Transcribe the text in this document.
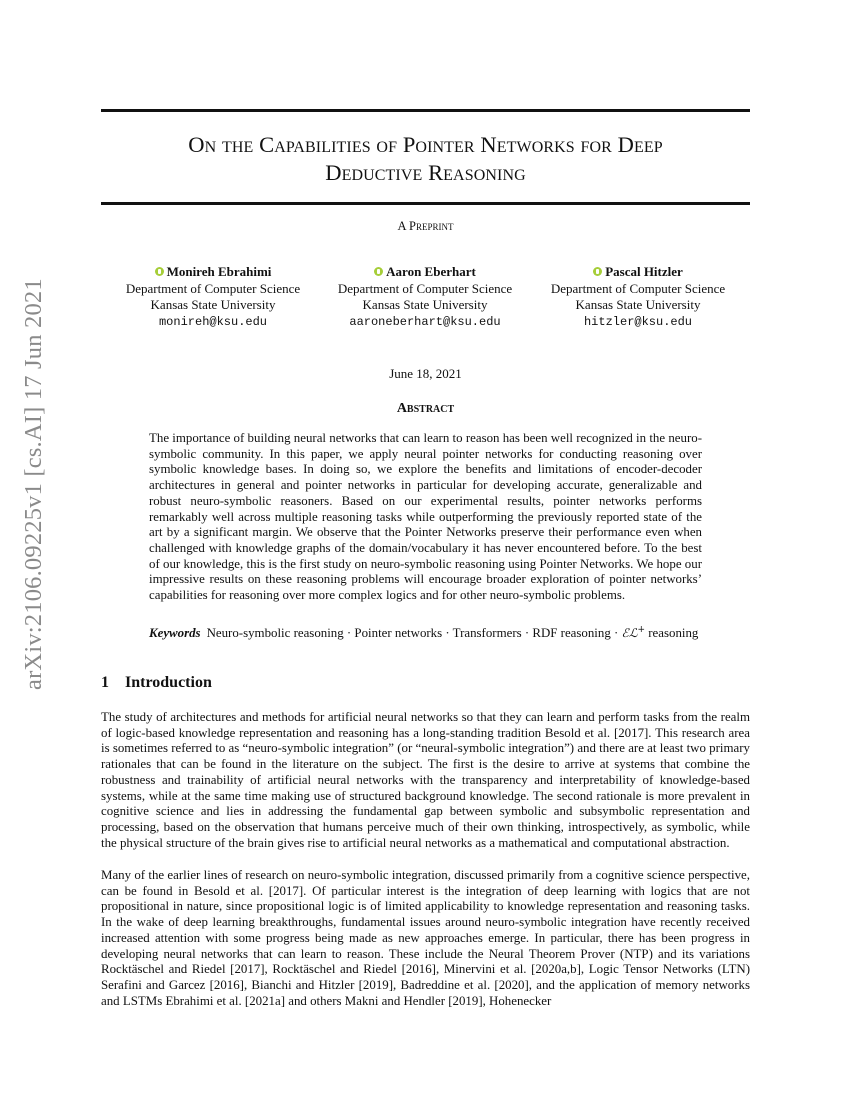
arXiv:2106.09225v1 [cs.AI] 17 Jun 2021
On the Capabilities of Pointer Networks for Deep
Deductive Reasoning
A Preprint
Monireh Ebrahimi
Department of Computer Science
Kansas State University
monireh@ksu.edu
Aaron Eberhart
Department of Computer Science
Kansas State University
aaroneberhart@ksu.edu
Pascal Hitzler
Department of Computer Science
Kansas State University
hitzler@ksu.edu
June 18, 2021
Abstract
The importance of building neural networks that can learn to reason has been well recognized in the neuro-symbolic community. In this paper, we apply neural pointer networks for conducting reasoning over symbolic knowledge bases. In doing so, we explore the benefits and limitations of encoder-decoder architectures in general and pointer networks in particular for developing accurate, generalizable and robust neuro-symbolic reasoners. Based on our experimental results, pointer networks performs remarkably well across multiple reasoning tasks while outperforming the previously reported state of the art by a significant margin. We observe that the Pointer Networks preserve their performance even when challenged with knowledge graphs of the domain/vocabulary it has never encountered before. To the best of our knowledge, this is the first study on neuro-symbolic reasoning using Pointer Networks. We hope our impressive results on these reasoning problems will encourage broader exploration of pointer networks’ capabilities for reasoning over more complex logics and for other neuro-symbolic problems.
Keywords Neuro-symbolic reasoning · Pointer networks · Transformers · RDF reasoning · ℰℒ+ reasoning
1 Introduction
The study of architectures and methods for artificial neural networks so that they can learn and perform tasks from the realm of logic-based knowledge representation and reasoning has a long-standing tradition Besold et al. [2017]. This research area is sometimes referred to as “neuro-symbolic integration” (or “neural-symbolic integration”) and there are at least two primary rationales that can be found in the literature on the subject. The first is the desire to arrive at systems that combine the robustness and trainability of artificial neural networks with the transparency and interpretability of knowledge-based systems, while at the same time making use of structured background knowledge. The second rationale is more prevalent in cognitive science and lies in addressing the fundamental gap between symbolic and subsymbolic representation and processing, based on the observation that humans perceive much of their own thinking, introspectively, as symbolic, while the physical structure of the brain gives rise to artificial neural networks as a mathematical and computational abstraction.
Many of the earlier lines of research on neuro-symbolic integration, discussed primarily from a cognitive science perspective, can be found in Besold et al. [2017]. Of particular interest is the integration of deep learning with logics that are not propositional in nature, since propositional logic is of limited applicability to knowledge representation and reasoning tasks. In the wake of deep learning breakthroughs, fundamental issues around neuro-symbolic integration have recently received increased attention with some progress being made as new approaches emerge. In particular, there has been progress in developing neural networks that can learn to reason. These include the Neural Theorem Prover (NTP) and its variations Rocktäschel and Riedel [2017], Rocktäschel and Riedel [2016], Minervini et al. [2020a,b], Logic Tensor Networks (LTN) Serafini and Garcez [2016], Bianchi and Hitzler [2019], Badreddine et al. [2020], and the application of memory networks and LSTMs Ebrahimi et al. [2021a] and others Makni and Hendler [2019], Hohenecker
